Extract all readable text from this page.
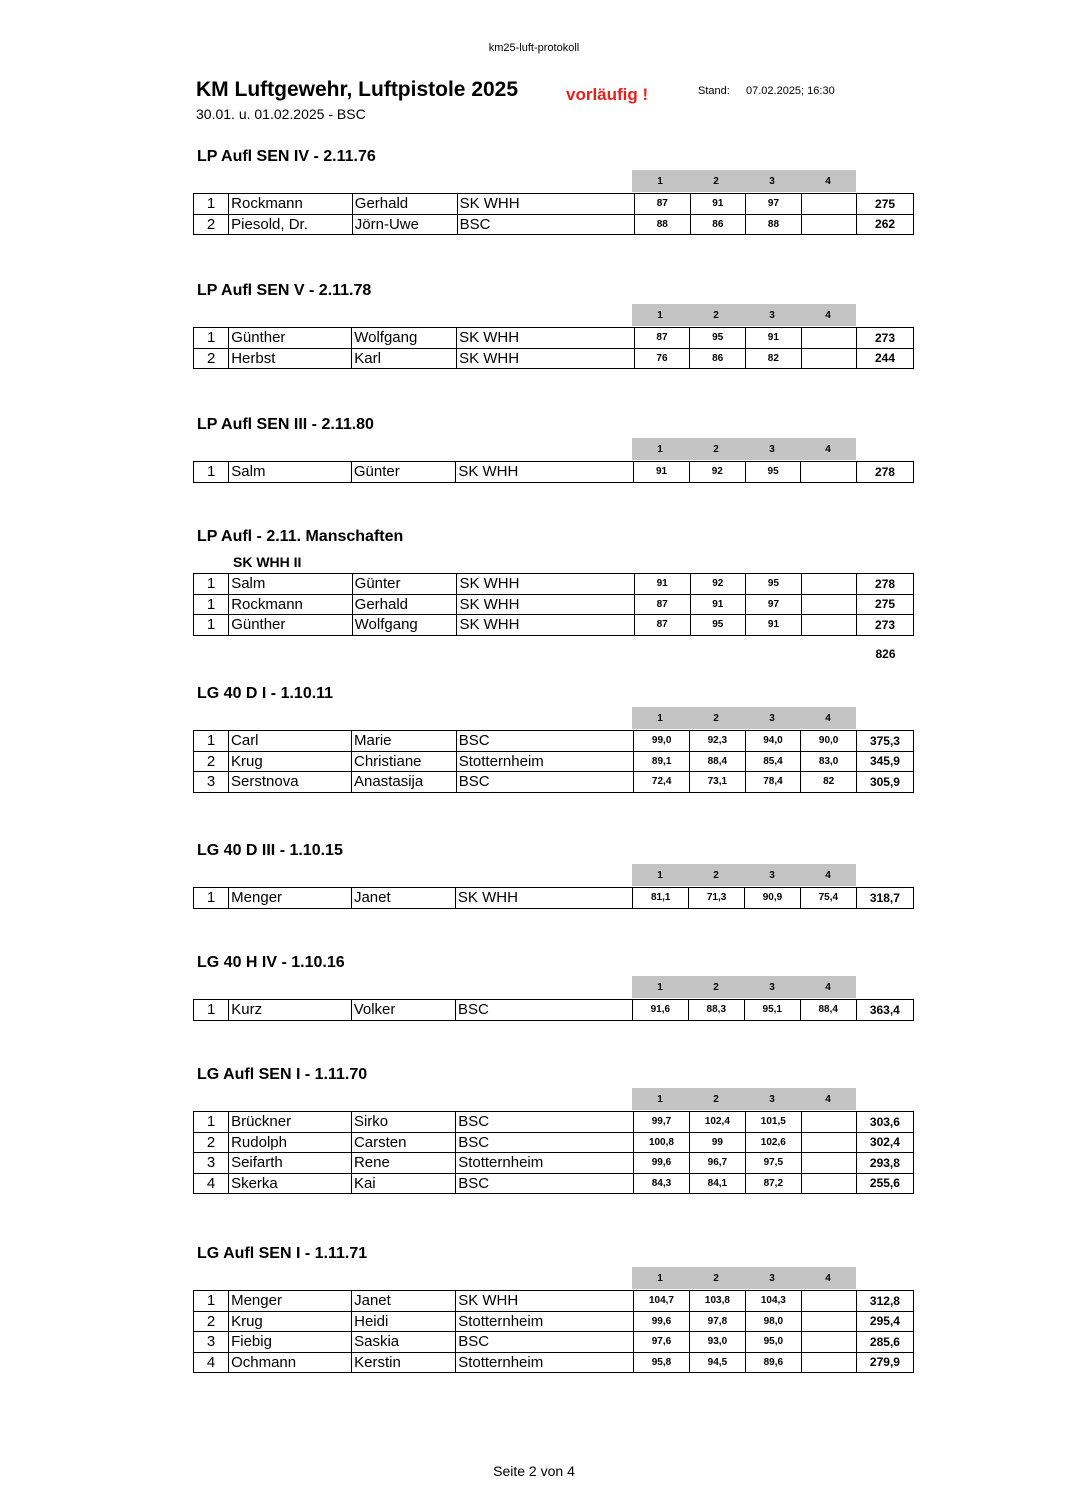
km25-luft-protokoll
KM Luftgewehr, Luftpistole 2025	vorläufig !	Stand: 07.02.2025; 16:30
30.01. u. 01.02.2025 - BSC
LP Aufl SEN IV - 2.11.76
1	2	3	4
1	Rockmann	Gerhald	SK WHH	87	91	97		275
2	Piesold, Dr.	Jörn-Uwe	BSC	88	86	88		262
LP Aufl SEN V - 2.11.78
1	2	3	4
1	Günther	Wolfgang	SK WHH	87	95	91		273
2	Herbst	Karl	SK WHH	76	86	82		244
LP Aufl SEN III - 2.11.80
1	2	3	4
1	Salm	Günter	SK WHH	91	92	95		278
LP Aufl - 2.11. Manschaften
SK WHH II
1	Salm	Günter	SK WHH	91	92	95		278
1	Rockmann	Gerhald	SK WHH	87	91	97		275
1	Günther	Wolfgang	SK WHH	87	95	91		273
826
LG 40 D I - 1.10.11
1	2	3	4
1	Carl	Marie	BSC	99,0	92,3	94,0	90,0	375,3
2	Krug	Christiane	Stotternheim	89,1	88,4	85,4	83,0	345,9
3	Serstnova	Anastasija	BSC	72,4	73,1	78,4	82	305,9
LG 40 D III - 1.10.15
1	2	3	4
1	Menger	Janet	SK WHH	81,1	71,3	90,9	75,4	318,7
LG 40 H IV - 1.10.16
1	2	3	4
1	Kurz	Volker	BSC	91,6	88,3	95,1	88,4	363,4
LG Aufl SEN I - 1.11.70
1	2	3	4
1	Brückner	Sirko	BSC	99,7	102,4	101,5		303,6
2	Rudolph	Carsten	BSC	100,8	99	102,6		302,4
3	Seifarth	Rene	Stotternheim	99,6	96,7	97,5		293,8
4	Skerka	Kai	BSC	84,3	84,1	87,2		255,6
LG Aufl SEN I - 1.11.71
1	2	3	4
1	Menger	Janet	SK WHH	104,7	103,8	104,3		312,8
2	Krug	Heidi	Stotternheim	99,6	97,8	98,0		295,4
3	Fiebig	Saskia	BSC	97,6	93,0	95,0		285,6
4	Ochmann	Kerstin	Stotternheim	95,8	94,5	89,6		279,9
Seite 2 von 4
